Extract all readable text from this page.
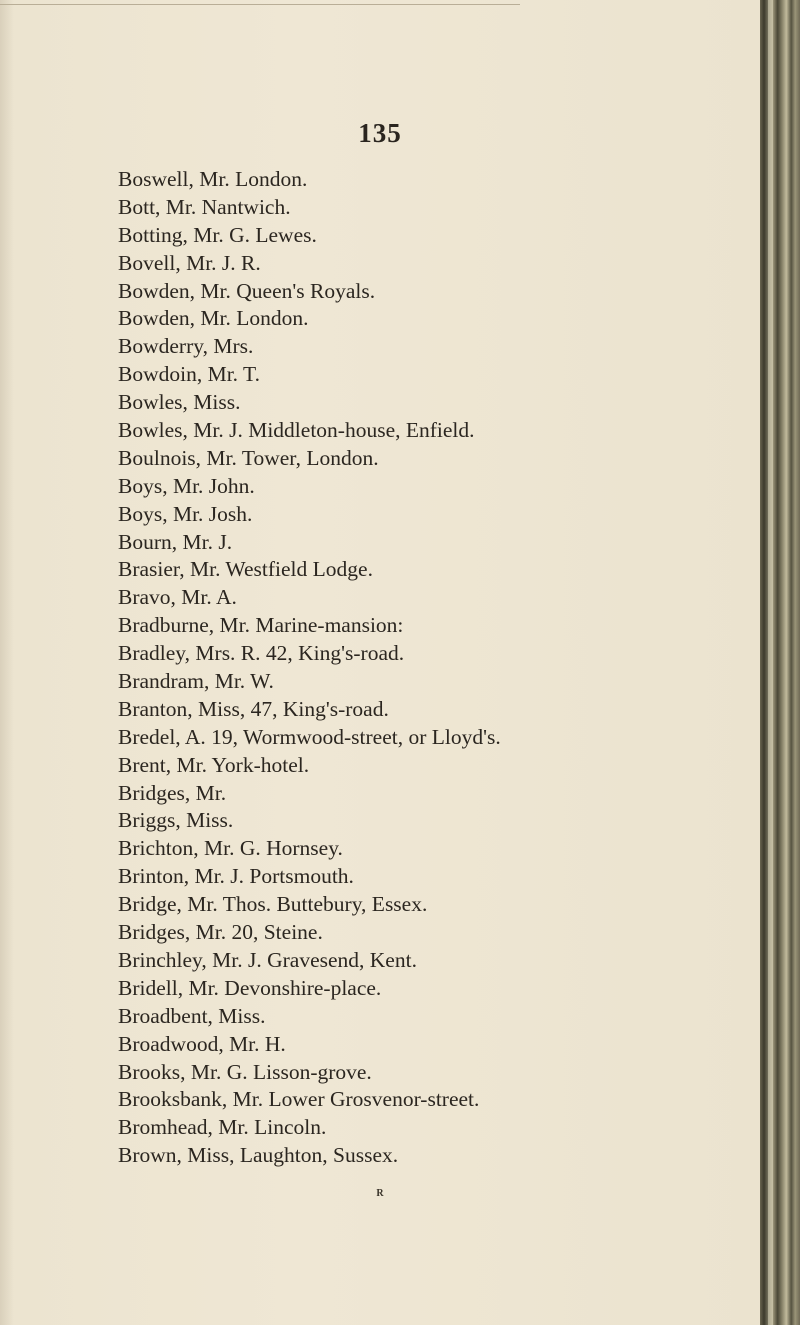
135
Boswell, Mr. London.
Bott, Mr. Nantwich.
Botting, Mr. G. Lewes.
Bovell, Mr. J. R.
Bowden, Mr. Queen's Royals.
Bowden, Mr. London.
Bowderry, Mrs.
Bowdoin, Mr. T.
Bowles, Miss.
Bowles, Mr. J. Middleton-house, Enfield.
Boulnois, Mr. Tower, London.
Boys, Mr. John.
Boys, Mr. Josh.
Bourn, Mr. J.
Brasier, Mr. Westfield Lodge.
Bravo, Mr. A.
Bradburne, Mr. Marine-mansion:
Bradley, Mrs. R. 42, King's-road.
Brandram, Mr. W.
Branton, Miss, 47, King's-road.
Bredel, A. 19, Wormwood-street, or Lloyd's.
Brent, Mr. York-hotel.
Bridges, Mr.
Briggs, Miss.
Brichton, Mr. G. Hornsey.
Brinton, Mr. J. Portsmouth.
Bridge, Mr. Thos. Buttebury, Essex.
Bridges, Mr. 20, Steine.
Brinchley, Mr. J. Gravesend, Kent.
Bridell, Mr. Devonshire-place.
Broadbent, Miss.
Broadwood, Mr. H.
Brooks, Mr. G. Lisson-grove.
Brooksbank, Mr. Lower Grosvenor-street.
Bromhead, Mr. Lincoln.
Brown, Miss, Laughton, Sussex.
R
